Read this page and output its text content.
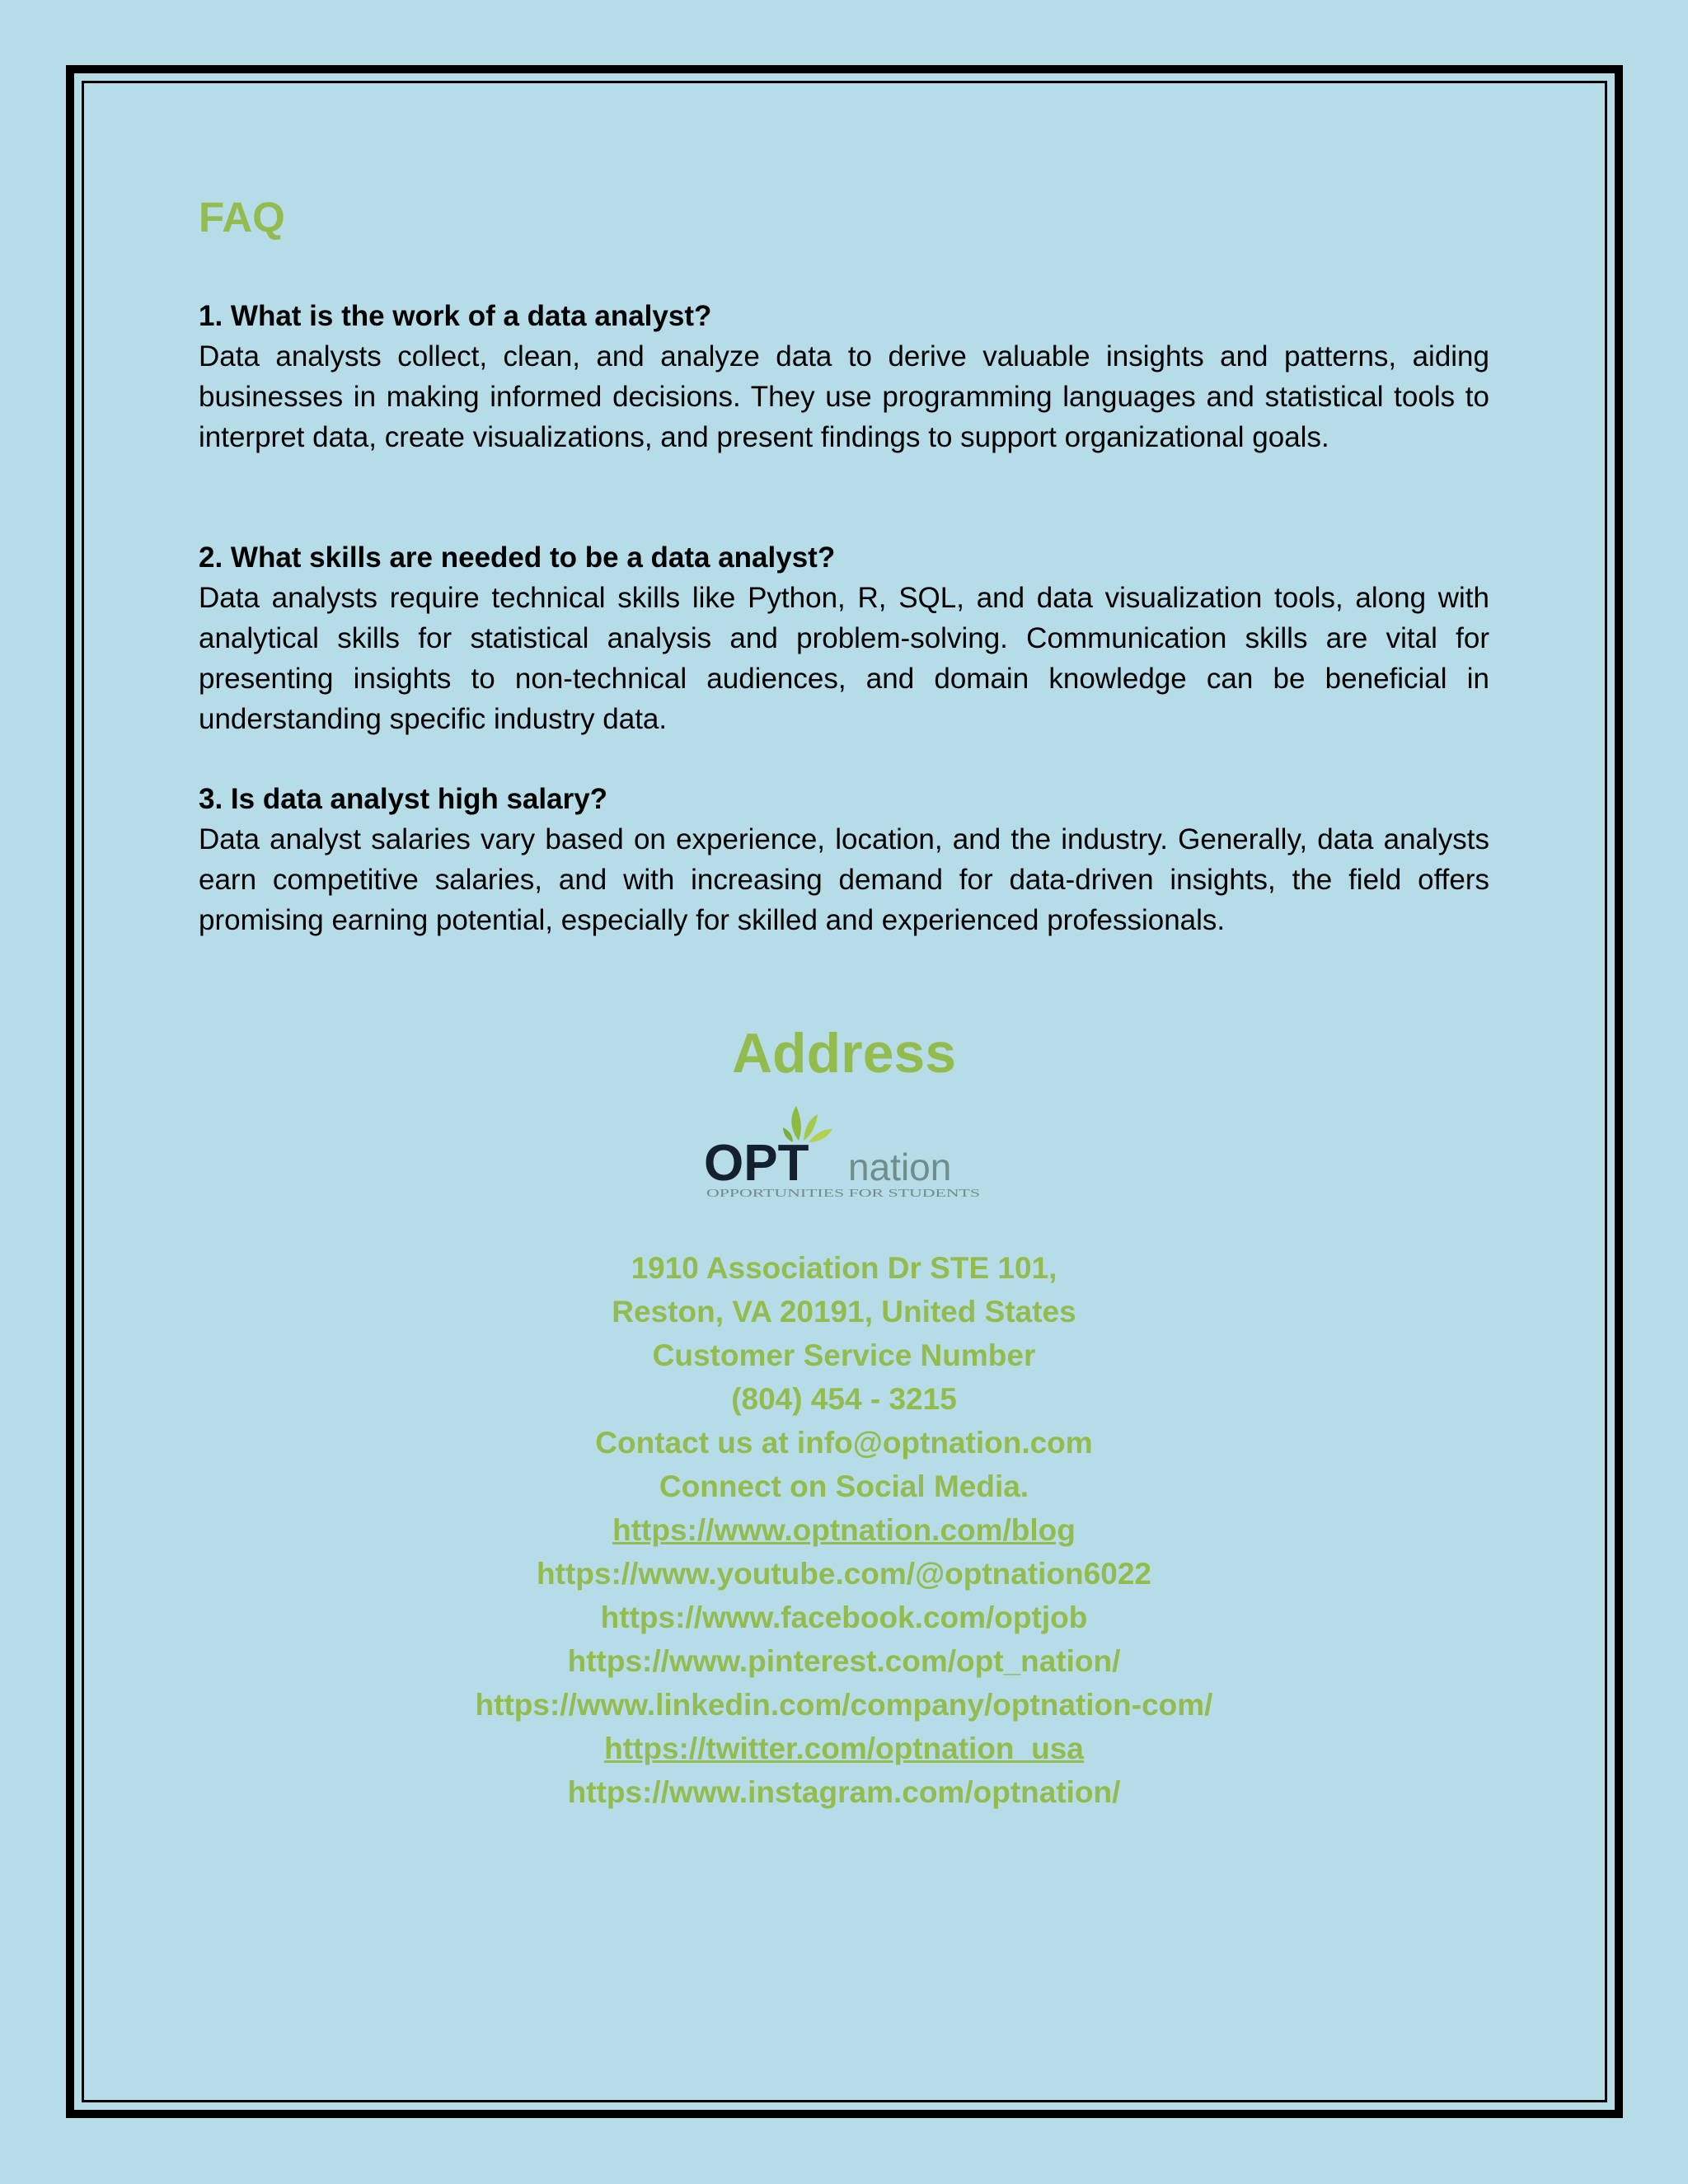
FAQ

1. What is the work of a data analyst?

Data analysts collect, clean, and analyze data to derive valuable insights and patterns, aiding businesses in making informed decisions. They use programming languages and statistical tools to interpret data, create visualizations, and present findings to support organizational goals.

2. What skills are needed to be a data analyst?

Data analysts require technical skills like Python, R, SQL, and data visualization tools, along with analytical skills for statistical analysis and problem-solving. Communication skills are vital for presenting insights to non-technical audiences, and domain knowledge can be beneficial in understanding specific industry data.

3. Is data analyst high salary?

Data analyst salaries vary based on experience, location, and the industry. Generally, data analysts earn competitive salaries, and with increasing demand for data-driven insights, the field offers promising earning potential, especially for skilled and experienced professionals.

Address
OPT nation
OPPORTUNITIES FOR STUDENTS
1910 Association Dr STE 101,
Reston, VA 20191, United States
Customer Service Number
(804) 454 - 3215
Contact us at info@optnation.com
Connect on Social Media.
https://www.optnation.com/blog
https://www.youtube.com/@optnation6022
https://www.facebook.com/optjob
https://www.pinterest.com/opt_nation/
https://www.linkedin.com/company/optnation-com/
https://twitter.com/optnation_usa
https://www.instagram.com/optnation/
